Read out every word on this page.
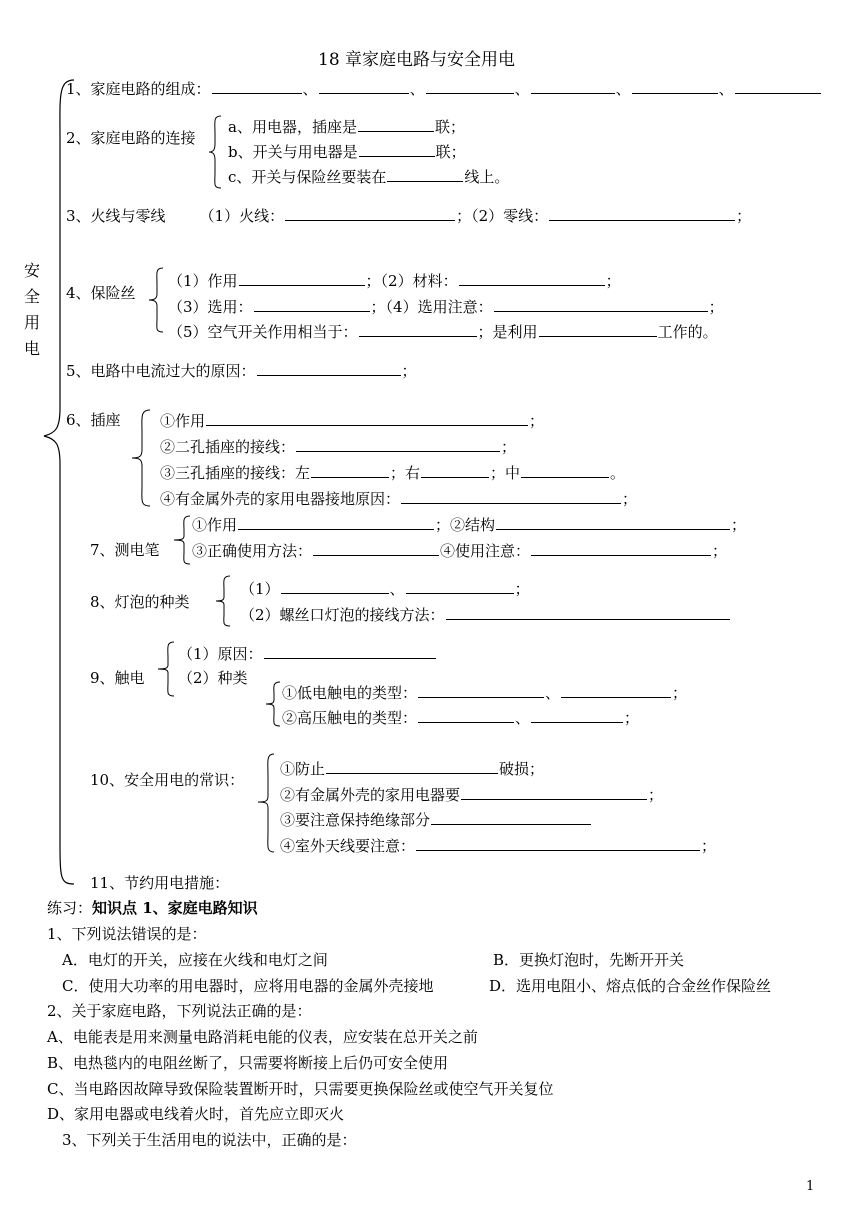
18 章家庭电路与安全用电
安
全
用
电
1、家庭电路的组成：	、	、	、	、	、
2、家庭电路的连接
a、用电器，插座是	联；
b、开关与用电器是	联；
c、开关与保险丝要装在	线上。
3、火线与零线 （1）火线：	；（2）零线：	；
4、保险丝
（1）作用	；（2）材料：	；
（3）选用：	；（4）选用注意：	；
（5）空气开关作用相当于：	；是利用	工作的。
5、电路中电流过大的原因：	；
6、插座	①作用	；
②二孔插座的接线：	；
③三孔插座的接线：左	；右	；中	。
④有金属外壳的家用电器接地原因：	；
7、测电笔
①作用	；②结构	；
③正确使用方法：	④使用注意：	；
8、灯泡的种类
（1）	、	；
（2）螺丝口灯泡的接线方法：
9、触电
（1）原因：
（2）种类
①低电触电的类型：	、	；
②高压触电的类型：	、	；
10、安全用电的常识：
①防止	破损；
②有金属外壳的家用电器要	；
③要注意保持绝缘部分
④室外天线要注意：	；
11、节约用电措施：
练习：知识点 1、家庭电路知识
1、下列说法错误的是：
A．电灯的开关，应接在火线和电灯之间	B．更换灯泡时，先断开开关
C．使用大功率的用电器时，应将用电器的金属外壳接地	D．选用电阻小、熔点低的合金丝作保险丝
2、关于家庭电路，下列说法正确的是：
A、电能表是用来测量电路消耗电能的仪表，应安装在总开关之前
B、电热毯内的电阻丝断了，只需要将断接上后仍可安全使用
C、当电路因故障导致保险装置断开时，只需要更换保险丝或使空气开关复位
D、家用电器或电线着火时，首先应立即灭火
3、下列关于生活用电的说法中，正确的是：
1
